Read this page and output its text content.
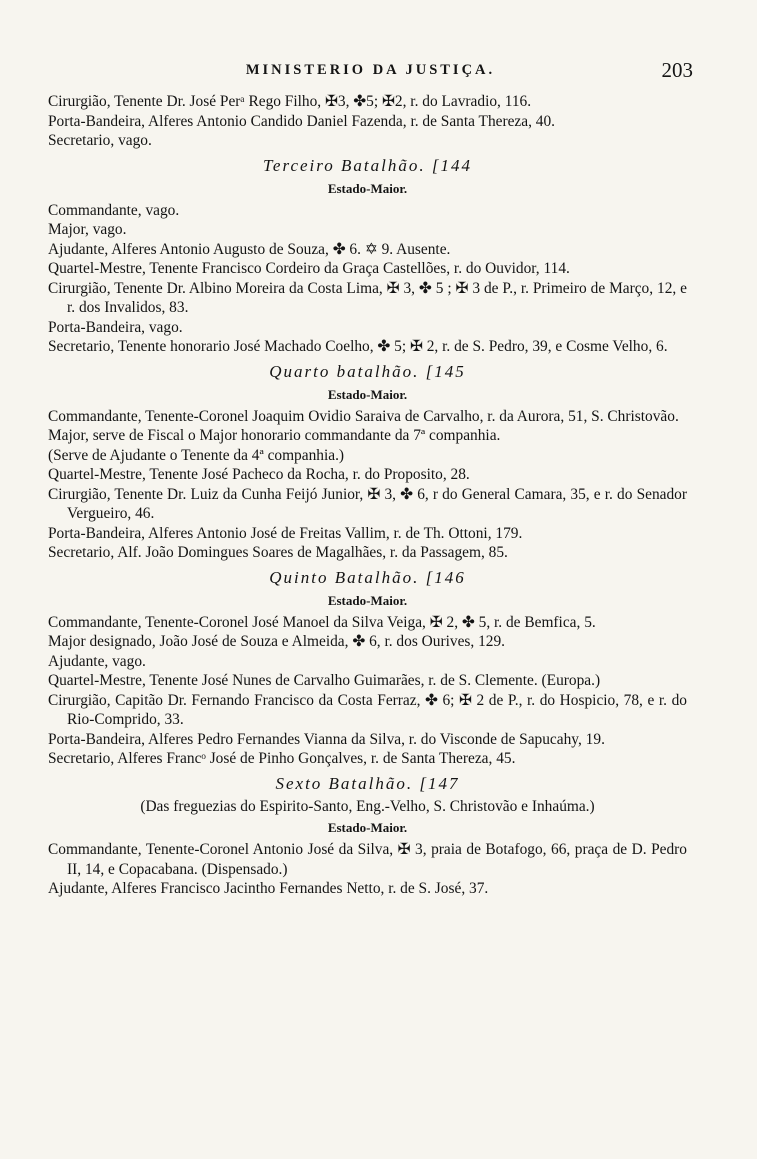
MINISTERIO DA JUSTIÇA.	203
Cirurgião, Tenente Dr. José Perᵃ Rego Filho, ✠3, ✤5; ✠2, r. do Lavradio, 116.
Porta-Bandeira, Alferes Antonio Candido Daniel Fazenda, r. de Santa Thereza, 40.
Secretario, vago.
Terceiro Batalhão. [144
Estado-Maior.
Commandante, vago.
Major, vago.
Ajudante, Alferes Antonio Augusto de Souza, ✤ 6. ✡ 9. Ausente.
Quartel-Mestre, Tenente Francisco Cordeiro da Graça Castellões, r. do Ouvidor, 114.
Cirurgião, Tenente Dr. Albino Moreira da Costa Lima, ✠ 3, ✤ 5 ; ✠ 3 de P., r. Primeiro de Março, 12, e r. dos Invalidos, 83.
Porta-Bandeira, vago.
Secretario, Tenente honorario José Machado Coelho, ✤ 5; ✠ 2, r. de S. Pedro, 39, e Cosme Velho, 6.
Quarto batalhão. [145
Estado-Maior.
Commandante, Tenente-Coronel Joaquim Ovidio Saraiva de Carvalho, r. da Aurora, 51, S. Christovão.
Major, serve de Fiscal o Major honorario commandante da 7ª companhia.
(Serve de Ajudante o Tenente da 4ª companhia.)
Quartel-Mestre, Tenente José Pacheco da Rocha, r. do Proposito, 28.
Cirurgião, Tenente Dr. Luiz da Cunha Feijó Junior, ✠ 3, ✤ 6, r do General Camara, 35, e r. do Senador Vergueiro, 46.
Porta-Bandeira, Alferes Antonio José de Freitas Vallim, r. de Th. Ottoni, 179.
Secretario, Alf. João Domingues Soares de Magalhães, r. da Passagem, 85.
Quinto Batalhão. [146
Estado-Maior.
Commandante, Tenente-Coronel José Manoel da Silva Veiga, ✠ 2, ✤ 5, r. de Bemfica, 5.
Major designado, João José de Souza e Almeida, ✤ 6, r. dos Ourives, 129.
Ajudante, vago.
Quartel-Mestre, Tenente José Nunes de Carvalho Guimarães, r. de S. Clemente. (Europa.)
Cirurgião, Capitão Dr. Fernando Francisco da Costa Ferraz, ✤ 6; ✠ 2 de P., r. do Hospicio, 78, e r. do Rio-Comprido, 33.
Porta-Bandeira, Alferes Pedro Fernandes Vianna da Silva, r. do Visconde de Sapucahy, 19.
Secretario, Alferes Francᵒ José de Pinho Gonçalves, r. de Santa Thereza, 45.
Sexto Batalhão. [147
(Das freguezias do Espirito-Santo, Eng.-Velho, S. Christovão e Inhaúma.)
Estado-Maior.
Commandante, Tenente-Coronel Antonio José da Silva, ✠ 3, praia de Botafogo, 66, praça de D. Pedro II, 14, e Copacabana. (Dispensado.)
Ajudante, Alferes Francisco Jacintho Fernandes Netto, r. de S. José, 37.
